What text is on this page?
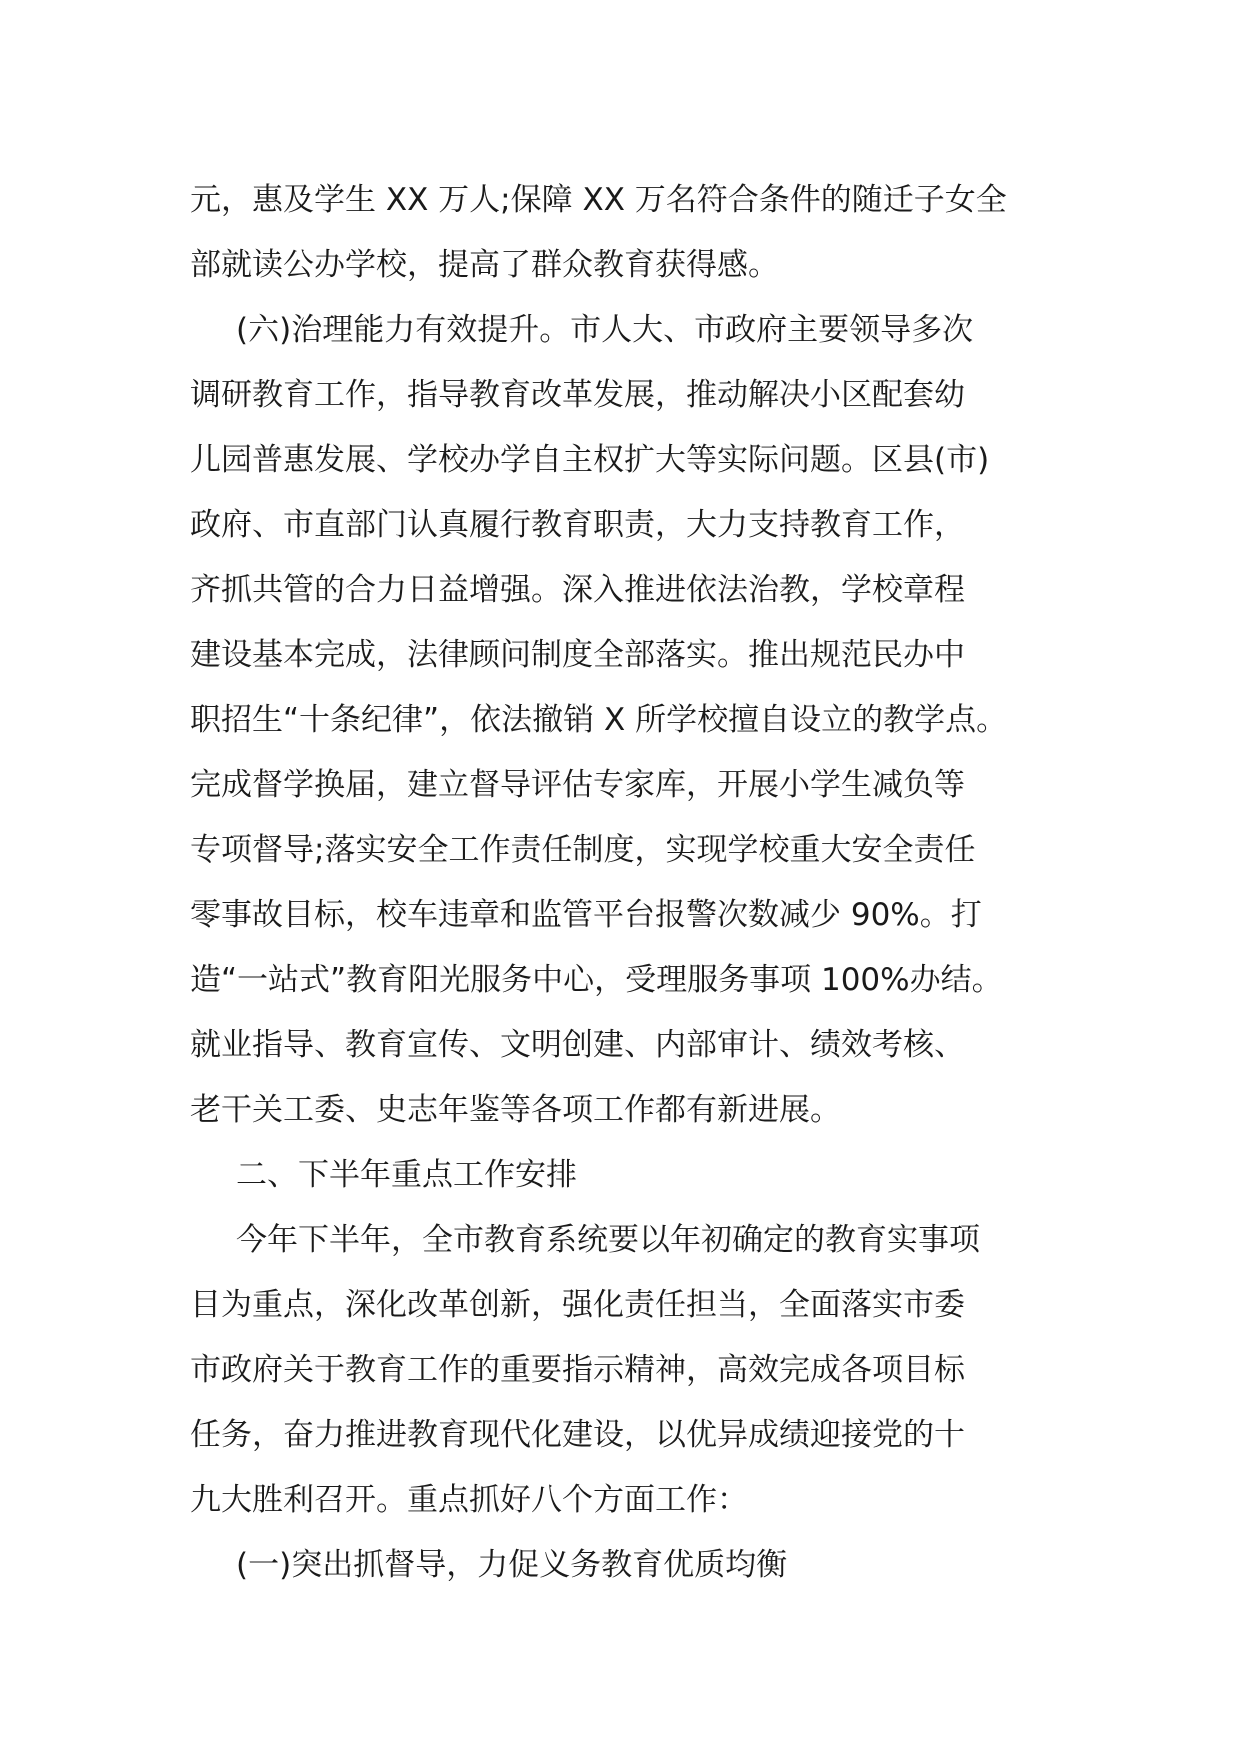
元，惠及学生 XX 万人;保障 XX 万名符合条件的随迁子女全
部就读公办学校，提高了群众教育获得感。
(六)治理能力有效提升。市人大、市政府主要领导多次
调研教育工作，指导教育改革发展，推动解决小区配套幼
儿园普惠发展、学校办学自主权扩大等实际问题。区县(市)
政府、市直部门认真履行教育职责，大力支持教育工作，
齐抓共管的合力日益增强。深入推进依法治教，学校章程
建设基本完成，法律顾问制度全部落实。推出规范民办中
职招生“十条纪律”，依法撤销 X 所学校擅自设立的教学点。
完成督学换届，建立督导评估专家库，开展小学生减负等
专项督导;落实安全工作责任制度，实现学校重大安全责任
零事故目标，校车违章和监管平台报警次数减少 90%。打
造“一站式”教育阳光服务中心，受理服务事项 100%办结。
就业指导、教育宣传、文明创建、内部审计、绩效考核、
老干关工委、史志年鉴等各项工作都有新进展。
二、下半年重点工作安排
今年下半年，全市教育系统要以年初确定的教育实事项
目为重点，深化改革创新，强化责任担当，全面落实市委
市政府关于教育工作的重要指示精神，高效完成各项目标
任务，奋力推进教育现代化建设，以优异成绩迎接党的十
九大胜利召开。重点抓好八个方面工作：
(一)突出抓督导，力促义务教育优质均衡
